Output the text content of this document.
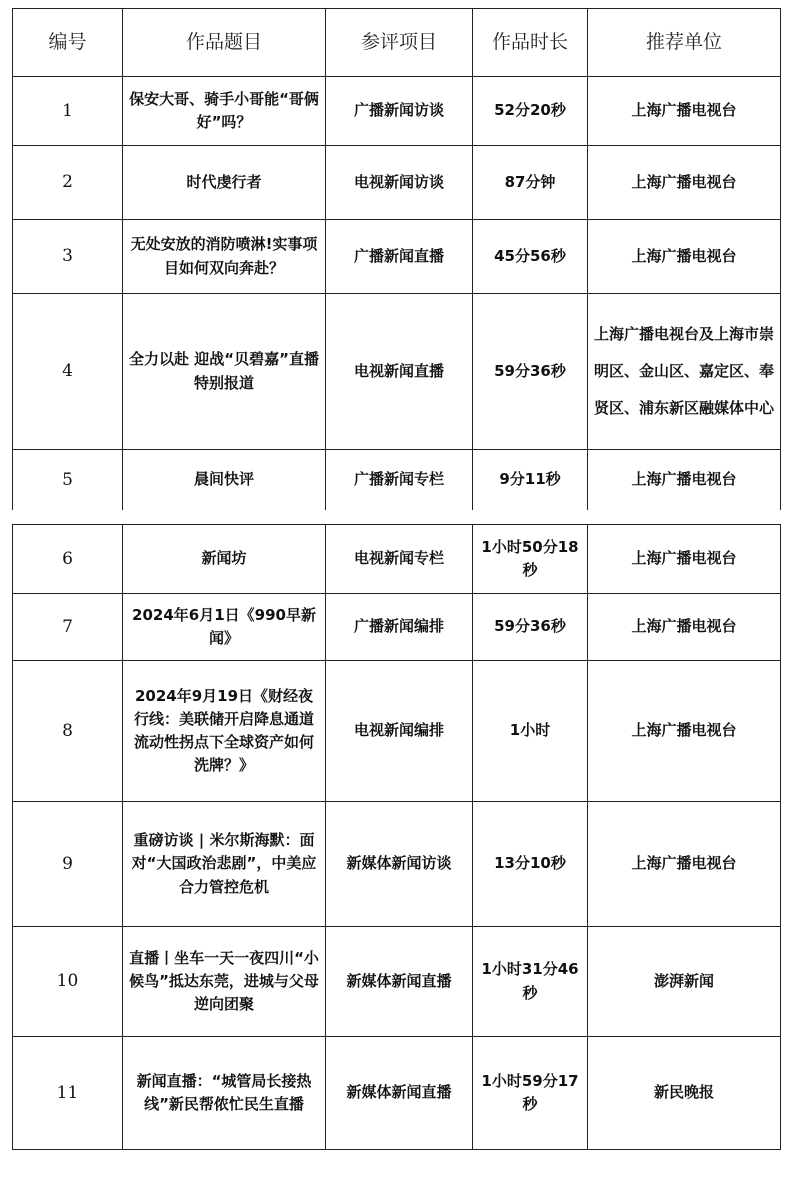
编号	作品题目	参评项目	作品时长	推荐单位
1	保安大哥、骑手小哥能“哥俩好”吗？	广播新闻访谈	52分20秒	上海广播电视台
2	时代虔行者	电视新闻访谈	87分钟	上海广播电视台
3	无处安放的消防喷淋!实事项目如何双向奔赴？	广播新闻直播	45分56秒	上海广播电视台
4	全力以赴 迎战“贝碧嘉”直播特别报道	电视新闻直播	59分36秒	上海广播电视台及上海市崇明区、金山区、嘉定区、奉贤区、浦东新区融媒体中心
5	晨间快评	广播新闻专栏	9分11秒	上海广播电视台
6	新闻坊	电视新闻专栏	1小时50分18秒	上海广播电视台
7	2024年6月1日《990早新闻》	广播新闻编排	59分36秒	上海广播电视台
8	2024年9月19日《财经夜行线：美联储开启降息通道 流动性拐点下全球资产如何洗牌？》	电视新闻编排	1小时	上海广播电视台
9	重磅访谈 | 米尔斯海默：面对“大国政治悲剧”，中美应合力管控危机	新媒体新闻访谈	13分10秒	上海广播电视台
10	直播丨坐车一天一夜四川“小候鸟”抵达东莞，进城与父母逆向团聚	新媒体新闻直播	1小时31分46秒	澎湃新闻
11	新闻直播：“城管局长接热线”新民帮侬忙民生直播	新媒体新闻直播	1小时59分17秒	新民晚报
